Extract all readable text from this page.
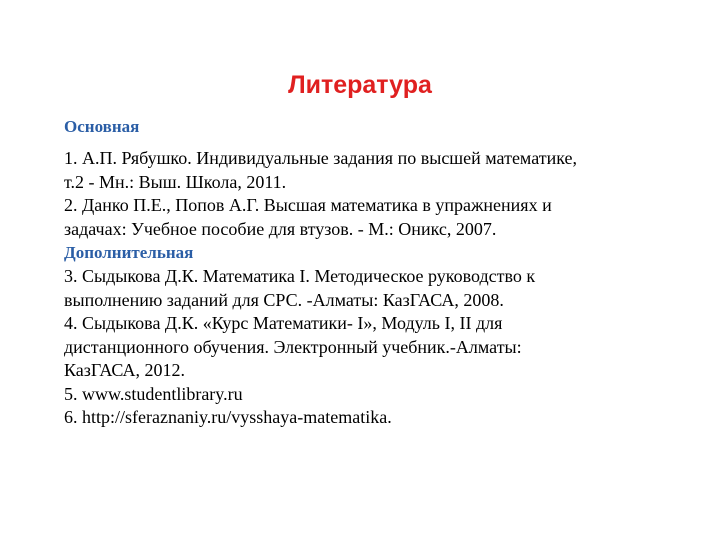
Литература
Основная
1. А.П. Рябушко. Индивидуальные задания по высшей математике,
т.2 - Мн.: Выш. Школа, 2011.
2. Данко П.Е., Попов А.Г. Высшая математика в упражнениях и
задачах: Учебное пособие для втузов. - М.: Оникс, 2007.
Дополнительная
3. Сыдыкова Д.К. Математика I. Методическое руководство к
выполнению заданий для СРС. -Алматы: КазГАСА, 2008.
4. Сыдыкова Д.К. «Курс Математики- I», Модуль I, II для
дистанционного обучения. Электронный учебник.-Алматы:
КазГАСА, 2012.
5. www.studentlibrary.ru
6. http://sferaznaniy.ru/vysshaya-matematika.
